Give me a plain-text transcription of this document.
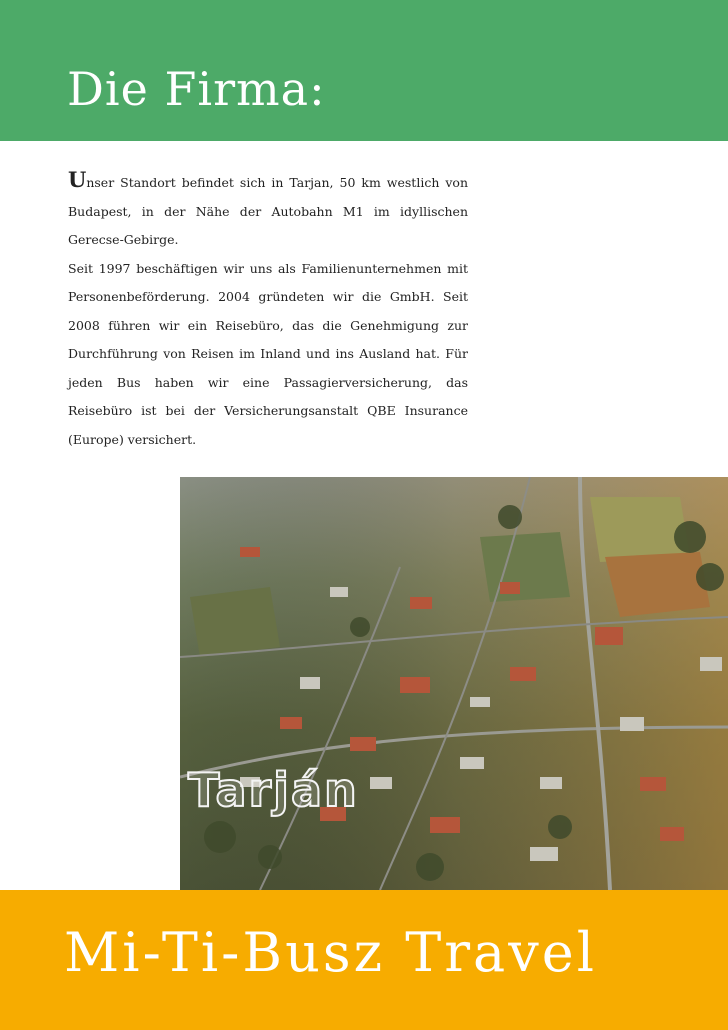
Die Firma:

Unser Standort befindet sich in Tarjan, 50 km westlich von Budapest, in der Nähe der Autobahn M1 im idyllischen Gerecse-Gebirge.

Seit 1997 beschäftigen wir uns als Familienunternehmen mit Personenbeförderung. 2004 gründeten wir die GmbH. Seit 2008 führen wir ein Reisebüro, das die Genehmigung zur Durchführung von Reisen im Inland und ins Ausland hat. Für jeden Bus haben wir eine Passagierversicherung, das Reisebüro ist bei der Versicherungsanstalt QBE Insurance (Europe) versichert.

Tarján
Mi-Ti-Busz Travel
